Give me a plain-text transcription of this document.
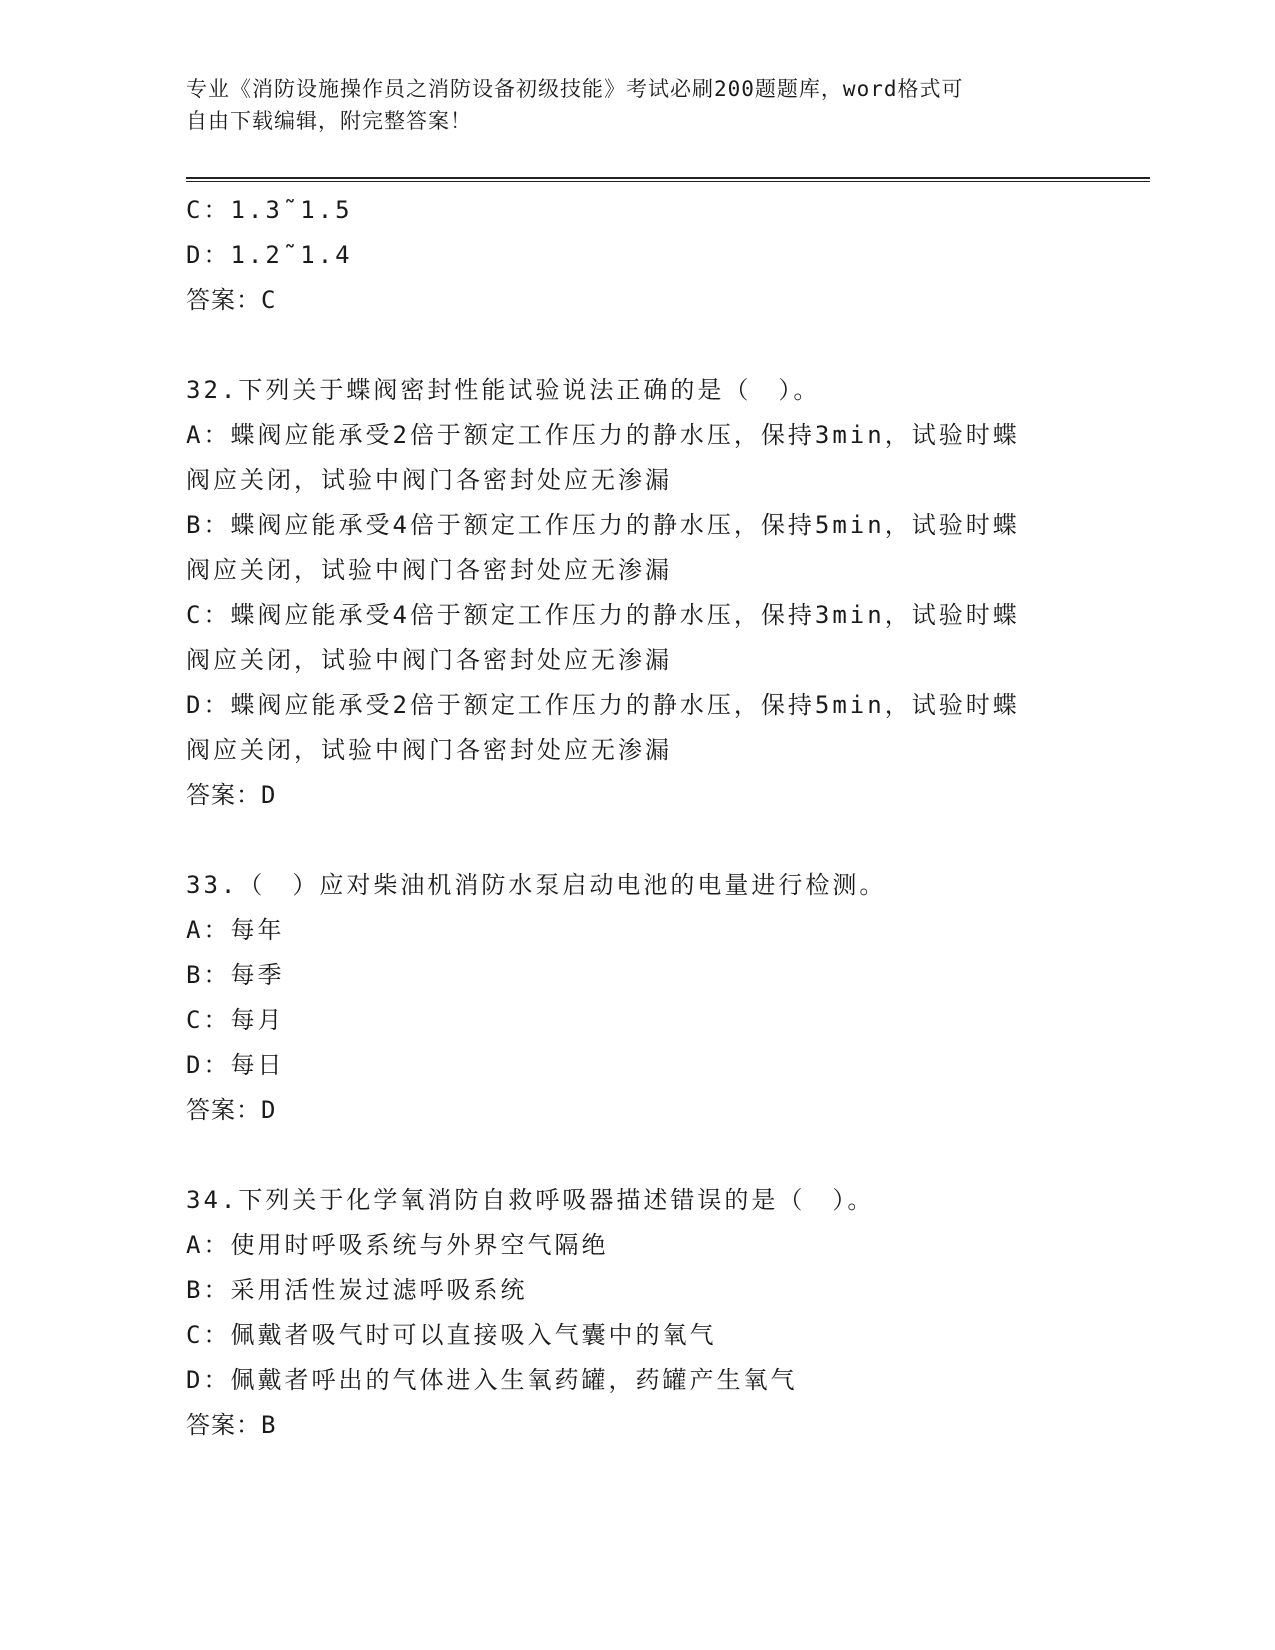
专业《消防设施操作员之消防设备初级技能》考试必刷200题题库，word格式可
自由下载编辑，附完整答案！
C：1.3˜1.5
D：1.2˜1.4
答案：C
32.下列关于蝶阀密封性能试验说法正确的是（　）。
A：蝶阀应能承受2倍于额定工作压力的静水压，保持3min，试验时蝶
阀应关闭，试验中阀门各密封处应无渗漏
B：蝶阀应能承受4倍于额定工作压力的静水压，保持5min，试验时蝶
阀应关闭，试验中阀门各密封处应无渗漏
C：蝶阀应能承受4倍于额定工作压力的静水压，保持3min，试验时蝶
阀应关闭，试验中阀门各密封处应无渗漏
D：蝶阀应能承受2倍于额定工作压力的静水压，保持5min，试验时蝶
阀应关闭，试验中阀门各密封处应无渗漏
答案：D
33.（　）应对柴油机消防水泵启动电池的电量进行检测。
A：每年
B：每季
C：每月
D：每日
答案：D
34.下列关于化学氧消防自救呼吸器描述错误的是（　）。
A：使用时呼吸系统与外界空气隔绝
B：采用活性炭过滤呼吸系统
C：佩戴者吸气时可以直接吸入气囊中的氧气
D：佩戴者呼出的气体进入生氧药罐，药罐产生氧气
答案：B
